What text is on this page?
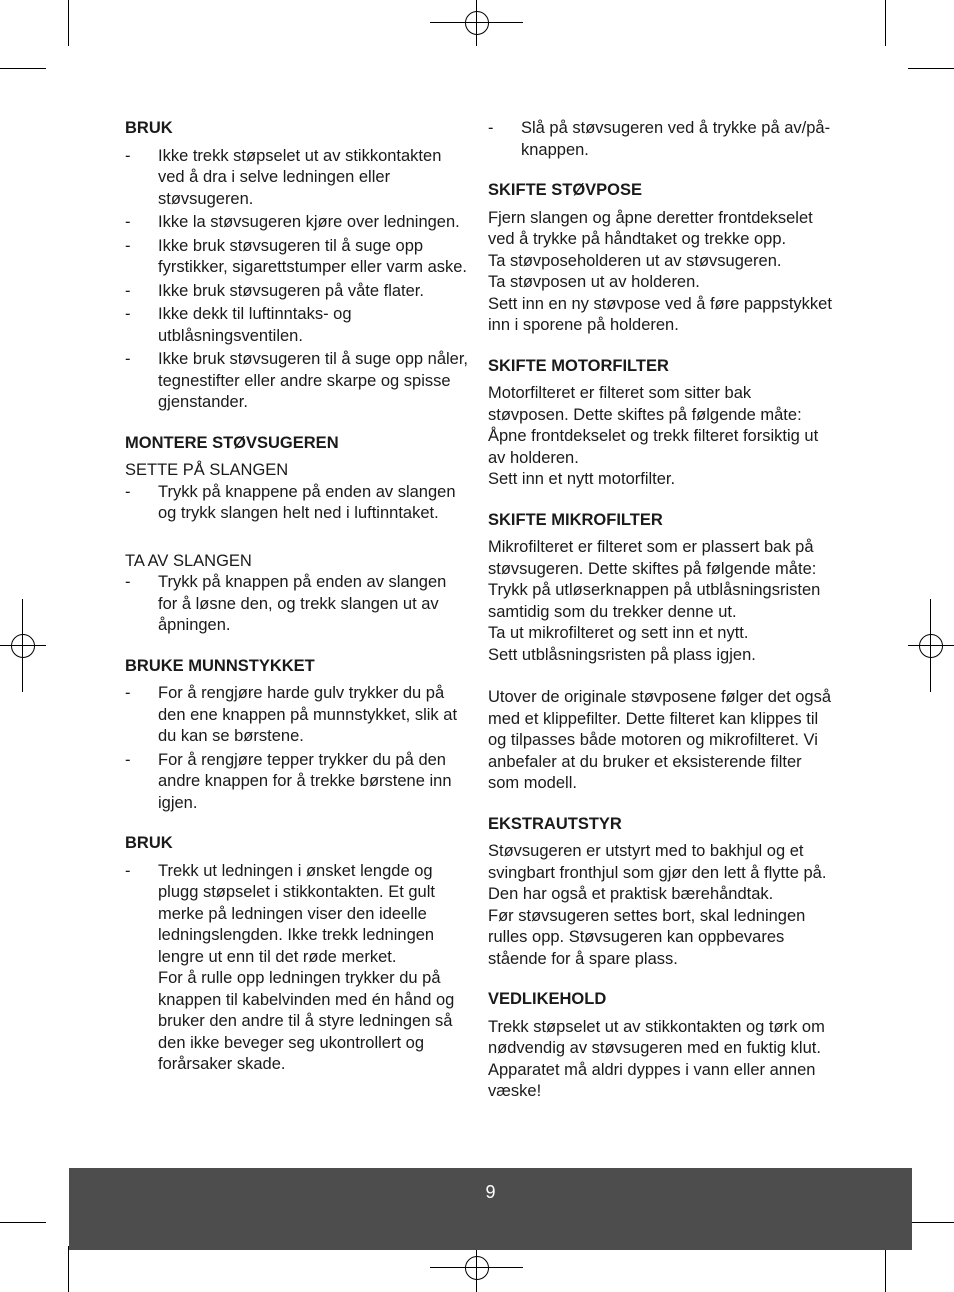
BRUK
- Ikke trekk støpselet ut av stikkontakten ved å dra i selve ledningen eller støvsugeren.
- Ikke la støvsugeren kjøre over ledningen.
- Ikke bruk støvsugeren til å suge opp fyrstikker, sigarettstumper eller varm aske.
- Ikke bruk støvsugeren på våte flater.
- Ikke dekk til luftinntaks- og utblåsningsventilen.
- Ikke bruk støvsugeren til å suge opp nåler, tegnestifter eller andre skarpe og spisse gjenstander.
MONTERE STØVSUGEREN
SETTE PÅ SLANGEN
- Trykk på knappene på enden av slangen og trykk slangen helt ned i luftinntaket.
TA AV SLANGEN
- Trykk på knappen på enden av slangen for å løsne den, og trekk slangen ut av åpningen.
BRUKE MUNNSTYKKET
- For å rengjøre harde gulv trykker du på den ene knappen på munnstykket, slik at du kan se børstene.
- For å rengjøre tepper trykker du på den andre knappen for å trekke børstene inn igjen.
BRUK
- Trekk ut ledningen i ønsket lengde og plugg støpselet i stikkontakten. Et gult merke på ledningen viser den ideelle ledningslengden. Ikke trekk ledningen lengre ut enn til det røde merket.
For å rulle opp ledningen trykker du på knappen til kabelvinden med én hånd og bruker den andre til å styre ledningen så den ikke beveger seg ukontrollert og forårsaker skade.
- Slå på støvsugeren ved å trykke på av/på-knappen.
SKIFTE STØVPOSE

Fjern slangen og åpne deretter frontdekselet ved å trykke på håndtaket og trekke opp.

Ta støvposeholderen ut av støvsugeren.

Ta støvposen ut av holderen.

Sett inn en ny støvpose ved å føre pappstykket inn i sporene på holderen.

SKIFTE MOTORFILTER

Motorfilteret er filteret som sitter bak støvposen. Dette skiftes på følgende måte:

Åpne frontdekselet og trekk filteret forsiktig ut av holderen.

Sett inn et nytt motorfilter.

SKIFTE MIKROFILTER

Mikrofilteret er filteret som er plassert bak på støvsugeren. Dette skiftes på følgende måte: Trykk på utløserknappen på utblåsningsristen samtidig som du trekker denne ut.

Ta ut mikrofilteret og sett inn et nytt.

Sett utblåsningsristen på plass igjen.

Utover de originale støvposene følger det også med et klippefilter. Dette filteret kan klippes til og tilpasses både motoren og mikrofilteret. Vi anbefaler at du bruker et eksisterende filter som modell.

EKSTRAUTSTYR

Støvsugeren er utstyrt med to bakhjul og et svingbart fronthjul som gjør den lett å flytte på. Den har også et praktisk bærehåndtak.

Før støvsugeren settes bort, skal ledningen rulles opp. Støvsugeren kan oppbevares stående for å spare plass.

VEDLIKEHOLD

Trekk støpselet ut av stikkontakten og tørk om nødvendig av støvsugeren med en fuktig klut.

Apparatet må aldri dyppes i vann eller annen væske!

9
